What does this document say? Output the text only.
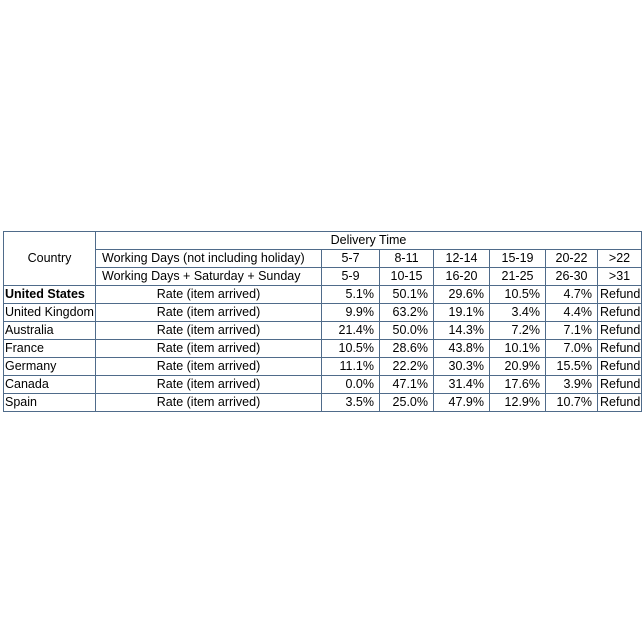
Country	Delivery Time						
	Working Days (not including holiday)	5-7	8-11	12-14	15-19	20-22	>22
	Working Days + Saturday + Sunday	5-9	10-15	16-20	21-25	26-30	>31
United States	Rate (item arrived)	5.1%	50.1%	29.6%	10.5%	4.7%	Refund
United Kingdom	Rate (item arrived)	9.9%	63.2%	19.1%	3.4%	4.4%	Refund
Australia	Rate (item arrived)	21.4%	50.0%	14.3%	7.2%	7.1%	Refund
France	Rate (item arrived)	10.5%	28.6%	43.8%	10.1%	7.0%	Refund
Germany	Rate (item arrived)	11.1%	22.2%	30.3%	20.9%	15.5%	Refund
Canada	Rate (item arrived)	0.0%	47.1%	31.4%	17.6%	3.9%	Refund
Spain	Rate (item arrived)	3.5%	25.0%	47.9%	12.9%	10.7%	Refund
